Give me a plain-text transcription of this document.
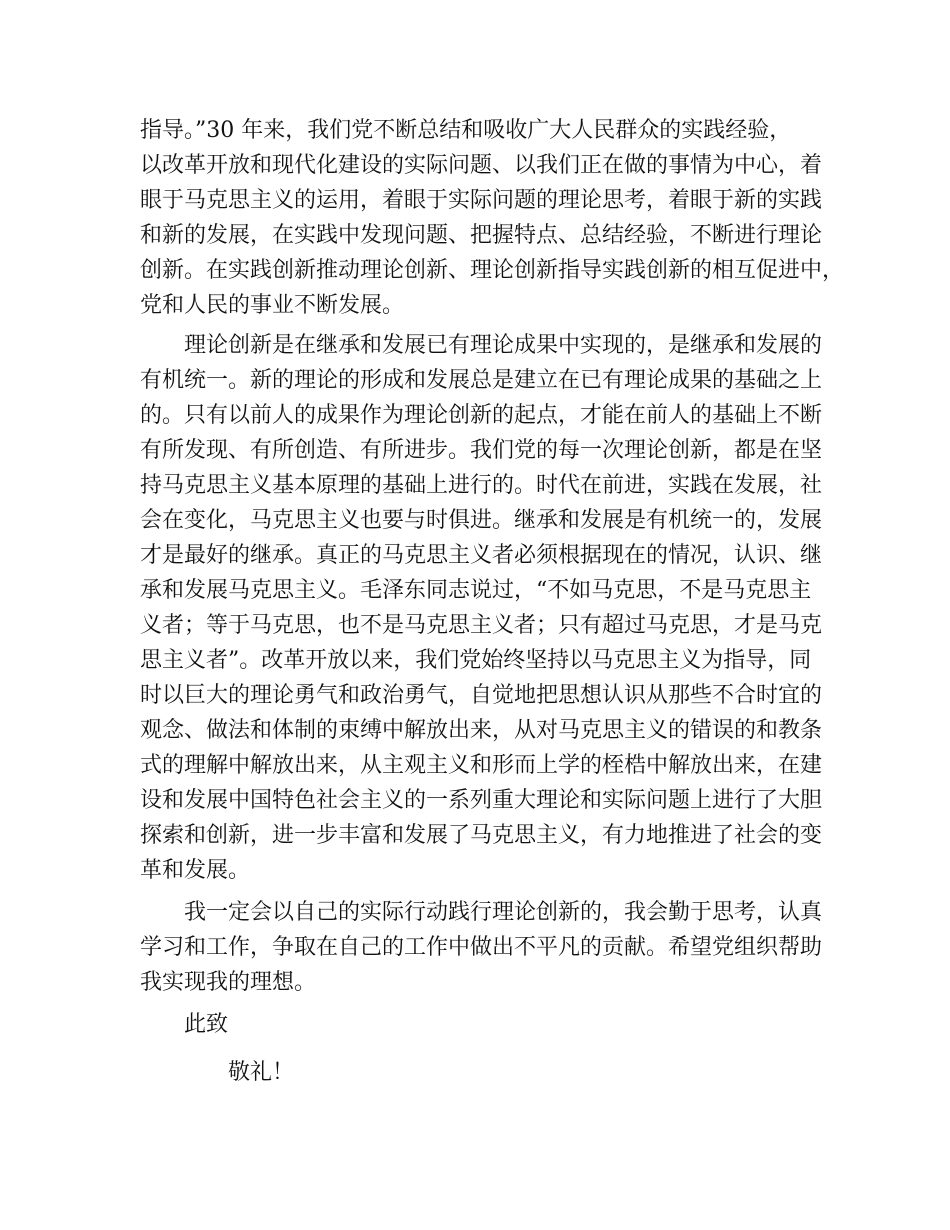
指导。”30 年来，我们党不断总结和吸收广大人民群众的实践经验，
以改革开放和现代化建设的实际问题、以我们正在做的事情为中心，着
眼于马克思主义的运用，着眼于实际问题的理论思考，着眼于新的实践
和新的发展，在实践中发现问题、把握特点、总结经验，不断进行理论
创新。在实践创新推动理论创新、理论创新指导实践创新的相互促进中，
党和人民的事业不断发展。
理论创新是在继承和发展已有理论成果中实现的，是继承和发展的
有机统一。新的理论的形成和发展总是建立在已有理论成果的基础之上
的。只有以前人的成果作为理论创新的起点，才能在前人的基础上不断
有所发现、有所创造、有所进步。我们党的每一次理论创新，都是在坚
持马克思主义基本原理的基础上进行的。时代在前进，实践在发展，社
会在变化，马克思主义也要与时俱进。继承和发展是有机统一的，发展
才是最好的继承。真正的马克思主义者必须根据现在的情况，认识、继
承和发展马克思主义。毛泽东同志说过，“不如马克思，不是马克思主
义者；等于马克思，也不是马克思主义者；只有超过马克思，才是马克
思主义者”。改革开放以来，我们党始终坚持以马克思主义为指导，同
时以巨大的理论勇气和政治勇气，自觉地把思想认识从那些不合时宜的
观念、做法和体制的束缚中解放出来，从对马克思主义的错误的和教条
式的理解中解放出来，从主观主义和形而上学的桎梏中解放出来，在建
设和发展中国特色社会主义的一系列重大理论和实际问题上进行了大胆
探索和创新，进一步丰富和发展了马克思主义，有力地推进了社会的变
革和发展。
我一定会以自己的实际行动践行理论创新的，我会勤于思考，认真
学习和工作，争取在自己的工作中做出不平凡的贡献。希望党组织帮助
我实现我的理想。
此致
敬礼！
